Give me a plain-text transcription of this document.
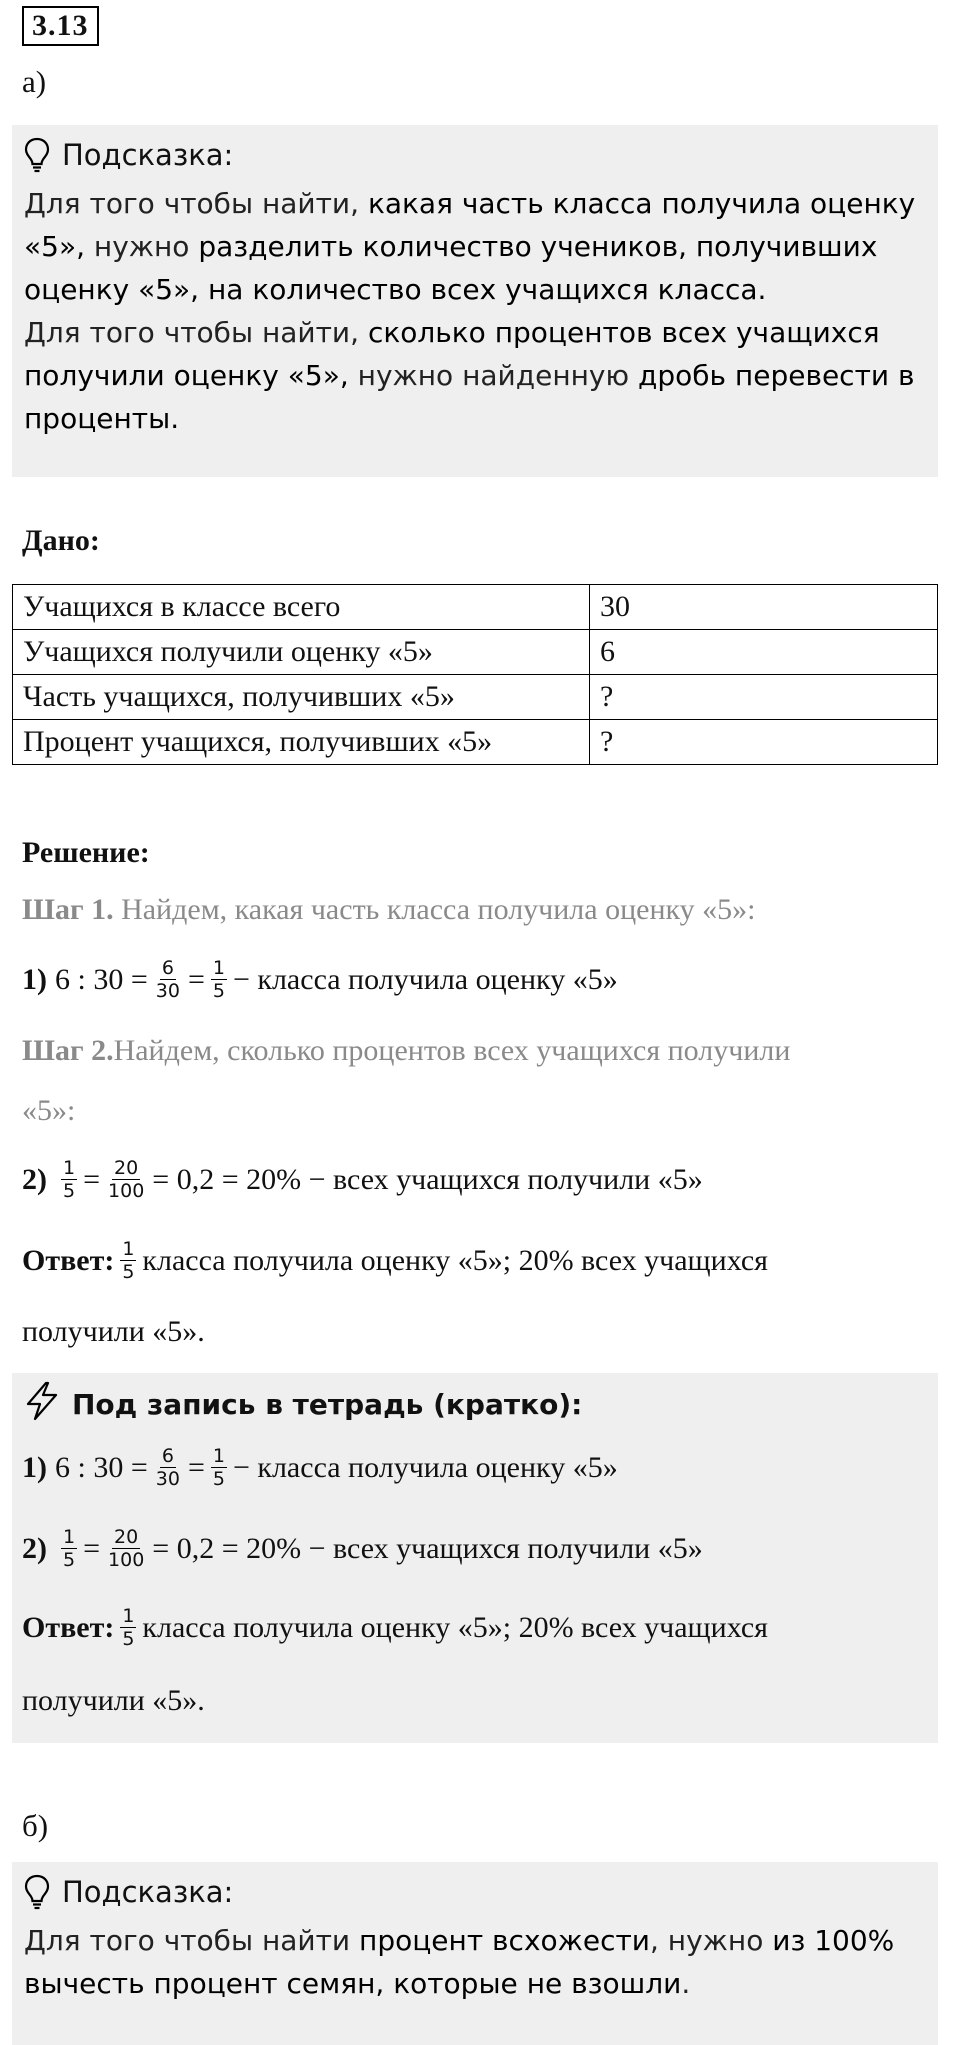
3.13
а)
Подсказка:
Для того чтобы найти, какая часть класса получила оценку «5», нужно разделить количество учеников, получивших оценку «5», на количество всех учащихся класса.
Для того чтобы найти, сколько процентов всех учащихся получили оценку «5», нужно найденную дробь перевести в проценты.
Дано:
Учащихся в классе всего	30
Учащихся получили оценку «5»	6
Часть учащихся, получивших «5»	?
Процент учащихся, получивших «5»	?
Решение:
Шаг 1. Найдем, какая часть класса получила оценку «5»:
1) 6 : $30 = \frac{6}{30} = \frac{1}{5}$ − класса получила оценку «5»
Шаг 2. Найдем, сколько процентов всех учащихся получили
«5»:
$2) \frac{1}{5} = \frac{20}{100} = 0,2 = 20\%$ − всех учащихся получили «5»
Ответ: $\frac{1}{5}$ класса получила оценку «5»; 20% всех учащихся
получили «5».
Под запись в тетрадь (кратко):
1) 6 : $30 = \frac{6}{30} = \frac{1}{5}$ − класса получила оценку «5»
$2) \frac{1}{5} = \frac{20}{100} = 0,2 = 20\%$ − всех учащихся получили «5»
Ответ: $\frac{1}{5}$ класса получила оценку «5»; 20% всех учащихся
получили «5».
б)
Подсказка:
Для того чтобы найти процент всхожести, нужно из 100% вычесть процент семян, которые не взошли.
